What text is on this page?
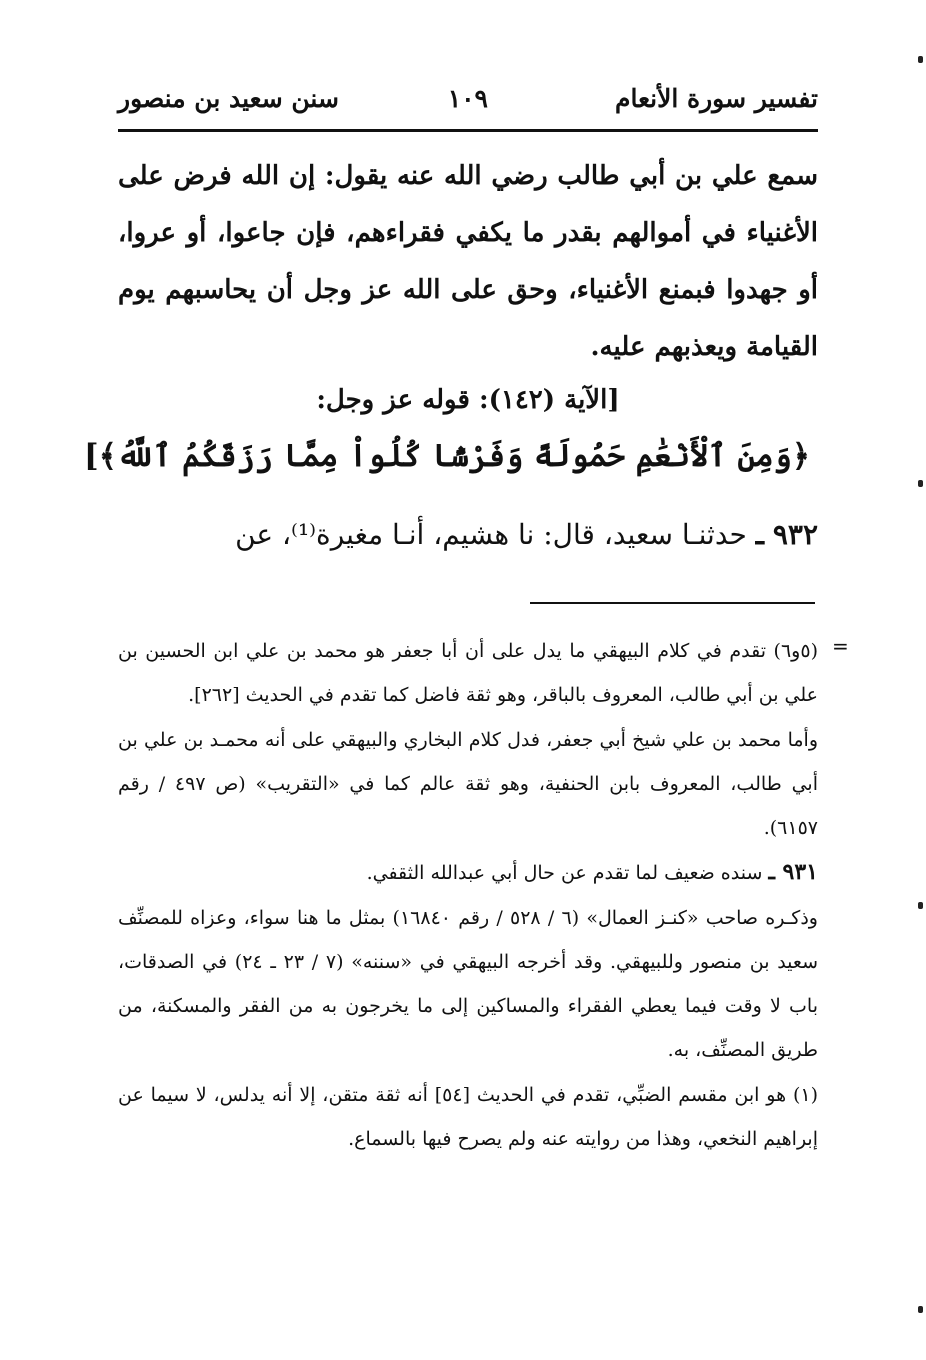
تفسير سورة الأنعام
١٠٩
سنن سعيد بن منصور

سمع علي بن أبي طالب رضي الله عنه يقول: إن الله فرض على الأغنياء في أموالهم بقدر ما يكفي فقراءهم، فإن جاعوا، أو عروا، أو جهدوا فبمنع الأغنياء، وحق على الله عز وجل أن يحاسبهم يوم القيامة ويعذبهم عليه.

[الآية (١٤٢): قوله عز وجل:
﴿وَمِنَ ٱلْأَنْعَٰمِ حَمُولَةً وَفَرْشًا كُلُواْ مِمَّا رَزَقَكُمُ ٱللَّهُ﴾]
٩٣٢ ـ حدثنـا سعيد، قال: نا هشيم، أنـا مغيرة⁽¹⁾، عن
=

(٥و٦) تقدم في كلام البيهقي ما يدل على أن أبا جعفر هو محمد بن علي ابن الحسين بن علي بن أبي طالب، المعروف بالباقر، وهو ثقة فاضل كما تقدم في الحديث [٢٦٢].

وأما محمد بن علي شيخ أبي جعفر، فدل كلام البخاري والبيهقي على أنه محمـد بن علي بن أبي طالب، المعروف بابن الحنفية، وهو ثقة عالم كما في «التقريب» (ص ٤٩٧ / رقم ٦١٥٧).

٩٣١ ـ سنده ضعيف لما تقدم عن حال أبي عبدالله الثقفي.

وذكـره صاحب «كنـز العمال» (٦ / ٥٢٨ / رقم ١٦٨٤٠) بمثل ما هنا سواء، وعزاه للمصنِّف سعيد بن منصور وللبيهقي. وقد أخرجه البيهقي في «سننه» (٧ / ٢٣ ـ ٢٤) في الصدقات، باب لا وقت فيما يعطي الفقراء والمساكين إلى ما يخرجون به من الفقر والمسكنة، من طريق المصنِّف، به.

(١) هو ابن مقسم الضبِّي، تقدم في الحديث [٥٤] أنه ثقة متقن، إلا أنه يدلس، لا سيما عن إبراهيم النخعي، وهذا من روايته عنه ولم يصرح فيها بالسماع.
